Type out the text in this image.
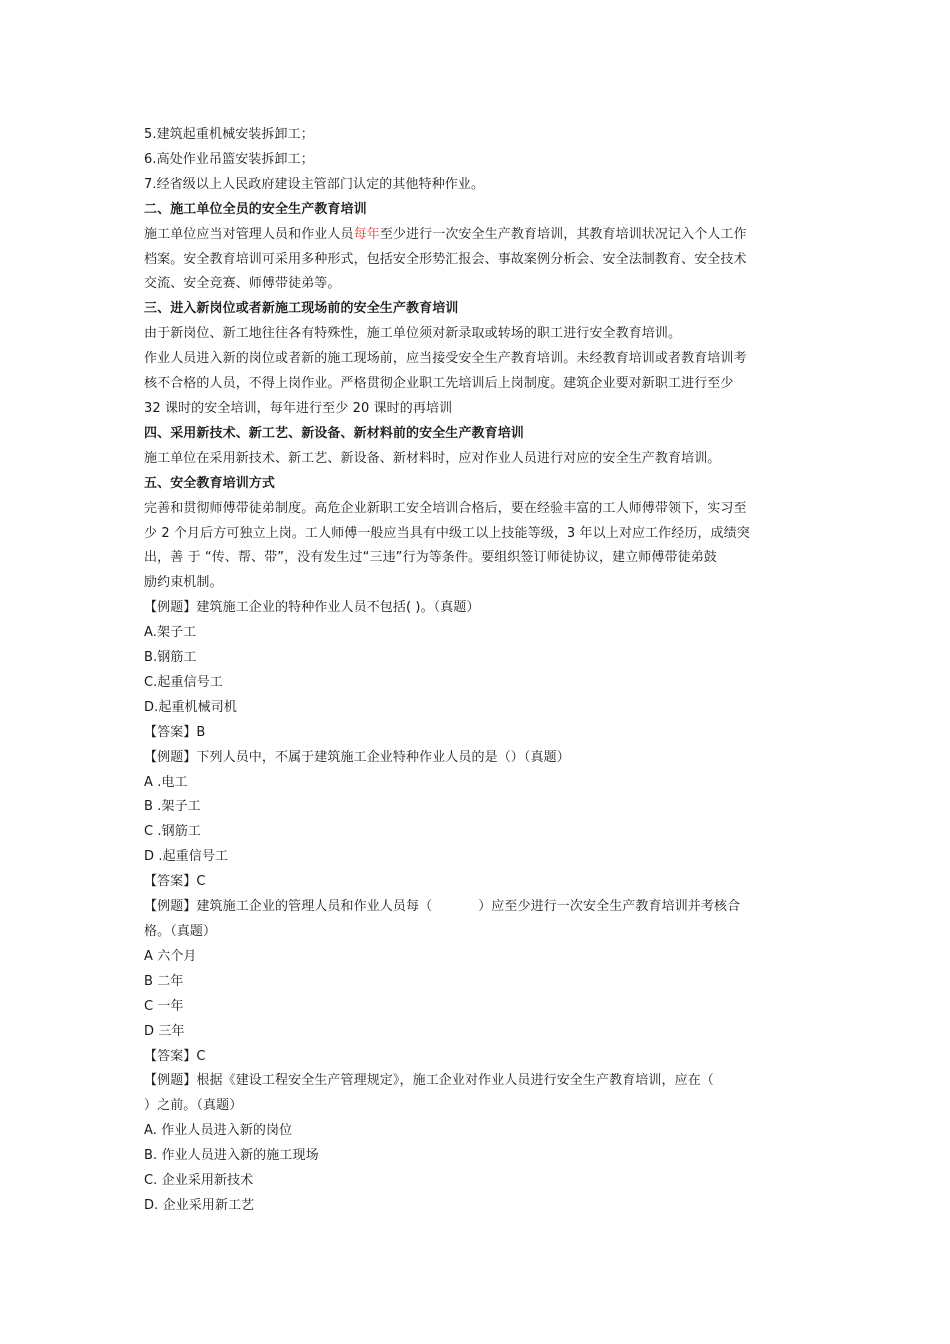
5.建筑起重机械安装拆卸工；
6.高处作业吊篮安装拆卸工；
7.经省级以上人民政府建设主管部门认定的其他特种作业。
二、施工单位全员的安全生产教育培训
施工单位应当对管理人员和作业人员每年至少进行一次安全生产教育培训，其教育培训状况记入个人工作
档案。安全教育培训可采用多种形式，包括安全形势汇报会、事故案例分析会、安全法制教育、安全技术
交流、安全竞赛、师傅带徒弟等。
三、进入新岗位或者新施工现场前的安全生产教育培训
由于新岗位、新工地往往各有特殊性，施工单位须对新录取或转场的职工进行安全教育培训。
作业人员进入新的岗位或者新的施工现场前，应当接受安全生产教育培训。未经教育培训或者教育培训考
核不合格的人员，不得上岗作业。严格贯彻企业职工先培训后上岗制度。建筑企业要对新职工进行至少
32 课时的安全培训，每年进行至少 20 课时的再培训
四、采用新技术、新工艺、新设备、新材料前的安全生产教育培训
施工单位在采用新技术、新工艺、新设备、新材料时，应对作业人员进行对应的安全生产教育培训。
五、安全教育培训方式
完善和贯彻师傅带徒弟制度。高危企业新职工安全培训合格后，要在经验丰富的工人师傅带领下，实习至
少 2 个月后方可独立上岗。工人师傅一般应当具有中级工以上技能等级，3 年以上对应工作经历，成绩突
出，善 于 “传、帮、带”，没有发生过“三违”行为等条件。要组织签订师徒协议，建立师傅带徒弟鼓
励约束机制。
【例题】建筑施工企业的特种作业人员不包括( )。（真题）
A.架子工
B.钢筋工
C.起重信号工
D.起重机械司机
【答案】B
【例题】下列人员中，不属于建筑施工企业特种作业人员的是（）（真题）
A .电工
B .架子工
C .钢筋工
D .起重信号工
【答案】C
【例题】建筑施工企业的管理人员和作业人员每（	）应至少进行一次安全生产教育培训并考核合
格。（真题）
A 六个月
B 二年
C 一年
D 三年
【答案】C
【例题】根据《建设工程安全生产管理规定》，施工企业对作业人员进行安全生产教育培训，应在（
）之前。（真题）
A. 作业人员进入新的岗位
B. 作业人员进入新的施工现场
C. 企业采用新技术
D. 企业采用新工艺
